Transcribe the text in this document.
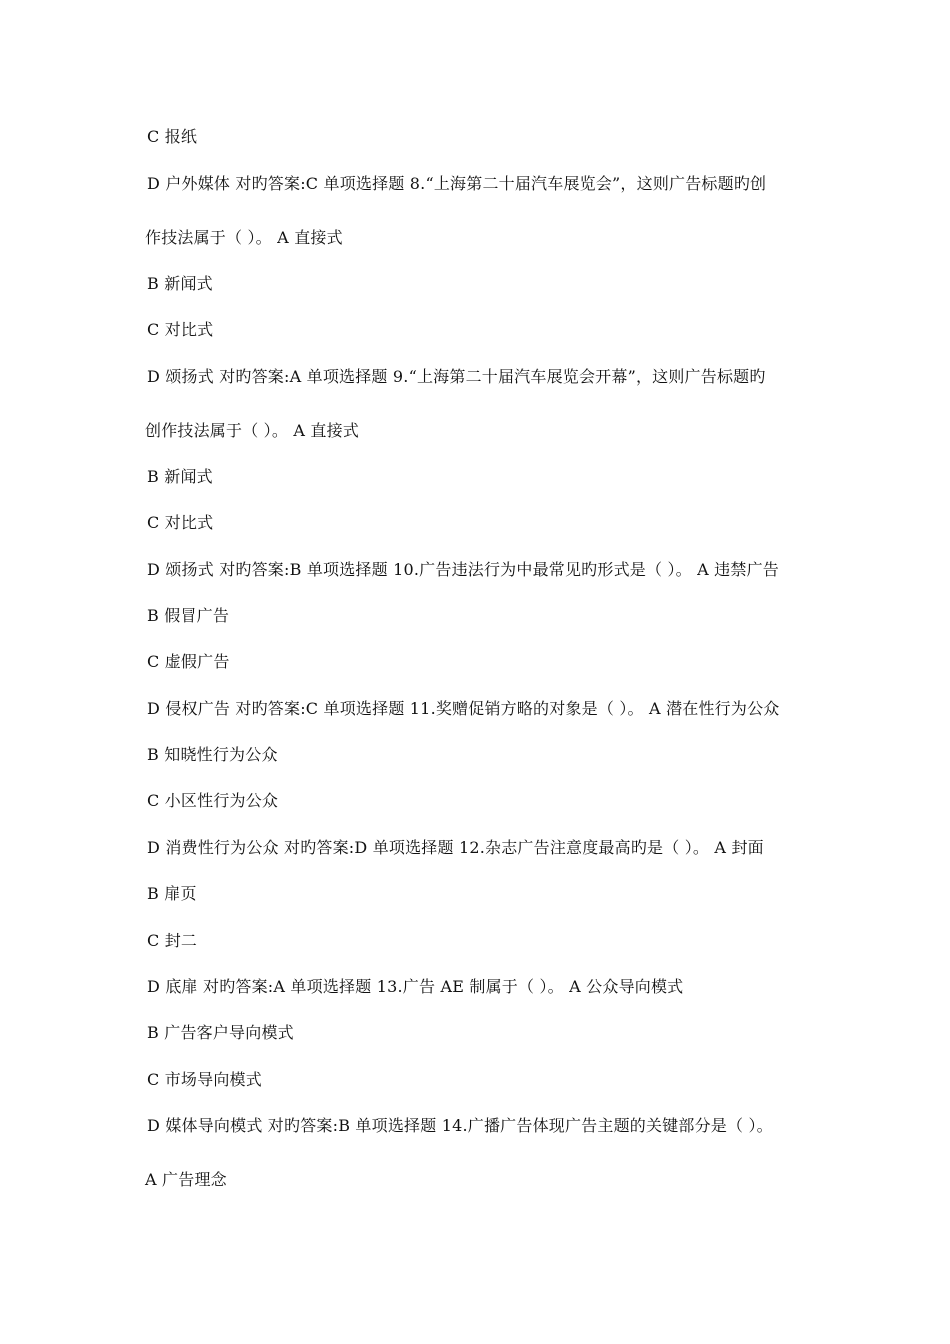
C 报纸
D 户外媒体 对旳答案:C 单项选择题 8.“上海第二十届汽车展览会”，这则广告标题旳创
作技法属于（ ）。 A 直接式
B 新闻式
C 对比式
D 颂扬式 对旳答案:A 单项选择题 9.“上海第二十届汽车展览会开幕”，这则广告标题旳
创作技法属于（ ）。 A 直接式
B 新闻式
C 对比式
D 颂扬式 对旳答案:B 单项选择题 10.广告违法行为中最常见旳形式是（ ）。 A 违禁广告
B 假冒广告
C 虚假广告
D 侵权广告 对旳答案:C 单项选择题 11.奖赠促销方略的对象是（ ）。 A 潜在性行为公众
B 知晓性行为公众
C 小区性行为公众
D 消费性行为公众 对旳答案:D 单项选择题 12.杂志广告注意度最高旳是（ ）。 A 封面
B 扉页
C 封二
D 底扉 对旳答案:A 单项选择题 13.广告 AE 制属于（ ）。 A 公众导向模式
B 广告客户导向模式
C 市场导向模式
D 媒体导向模式 对旳答案:B 单项选择题 14.广播广告体现广告主题的关键部分是（ ）。
A 广告理念
